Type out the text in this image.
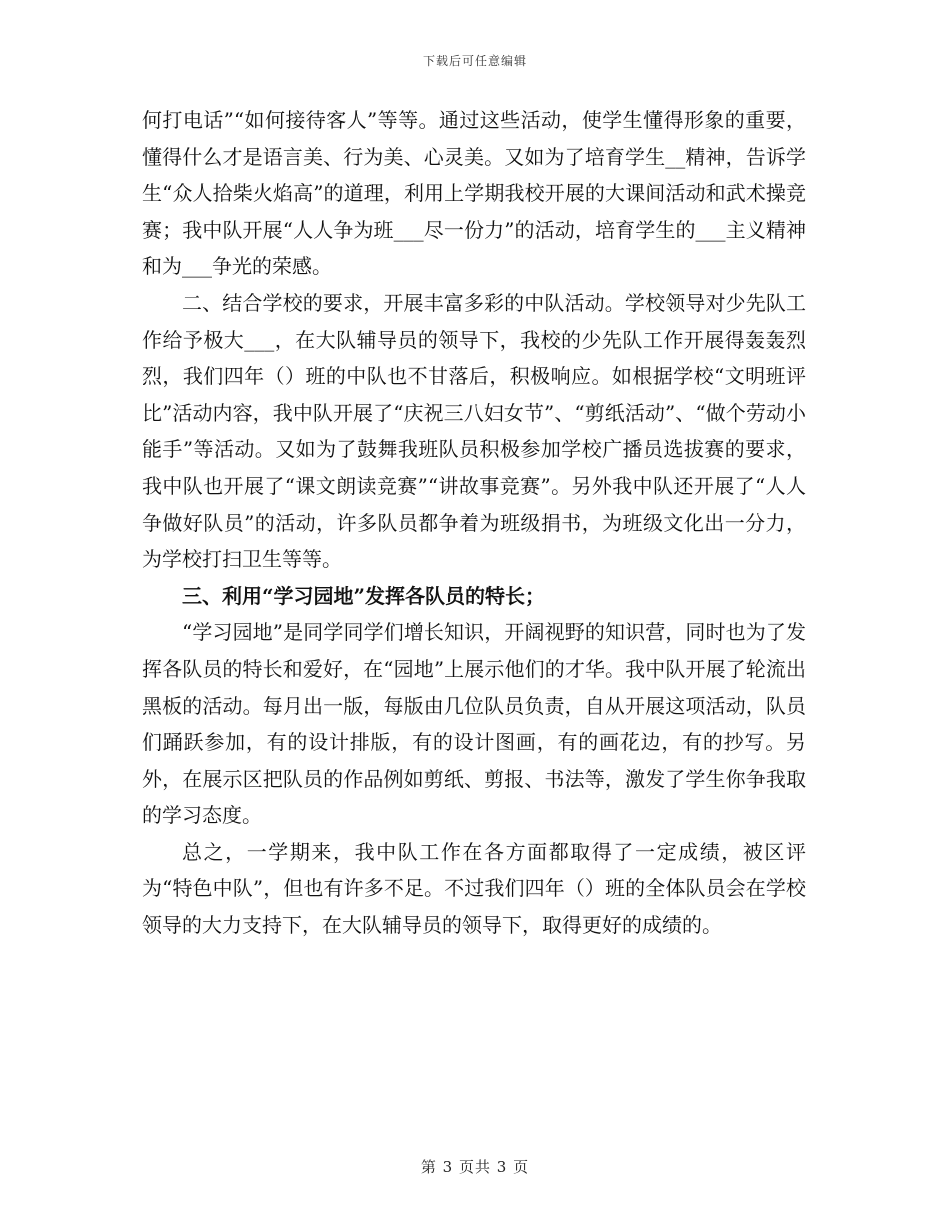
下载后可任意编辑

何打电话”“如何接待客人”等等。通过这些活动，使学生懂得形象的重要，懂得什么才是语言美、行为美、心灵美。又如为了培育学生__精神，告诉学生“众人拾柴火焰高”的道理，利用上学期我校开展的大课间活动和武术操竞赛；我中队开展“人人争为班___尽一份力”的活动，培育学生的___主义精神和为___争光的荣感。

二、结合学校的要求，开展丰富多彩的中队活动。学校领导对少先队工作给予极大___，在大队辅导员的领导下，我校的少先队工作开展得轰轰烈烈，我们四年（）班的中队也不甘落后，积极响应。如根据学校“文明班评比”活动内容，我中队开展了“庆祝三八妇女节”、“剪纸活动”、“做个劳动小能手”等活动。又如为了鼓舞我班队员积极参加学校广播员选拔赛的要求，我中队也开展了“课文朗读竞赛”“讲故事竞赛”。另外我中队还开展了“人人争做好队员”的活动，许多队员都争着为班级捐书，为班级文化出一分力，为学校打扫卫生等等。

三、利用“学习园地”发挥各队员的特长；

“学习园地”是同学同学们增长知识，开阔视野的知识营，同时也为了发挥各队员的特长和爱好，在“园地”上展示他们的才华。我中队开展了轮流出黑板的活动。每月出一版，每版由几位队员负责，自从开展这项活动，队员们踊跃参加，有的设计排版，有的设计图画，有的画花边，有的抄写。另外，在展示区把队员的作品例如剪纸、剪报、书法等，激发了学生你争我取的学习态度。

总之，一学期来，我中队工作在各方面都取得了一定成绩，被区评为“特色中队”，但也有许多不足。不过我们四年（）班的全体队员会在学校领导的大力支持下，在大队辅导员的领导下，取得更好的成绩的。

第 3 页共 3 页
